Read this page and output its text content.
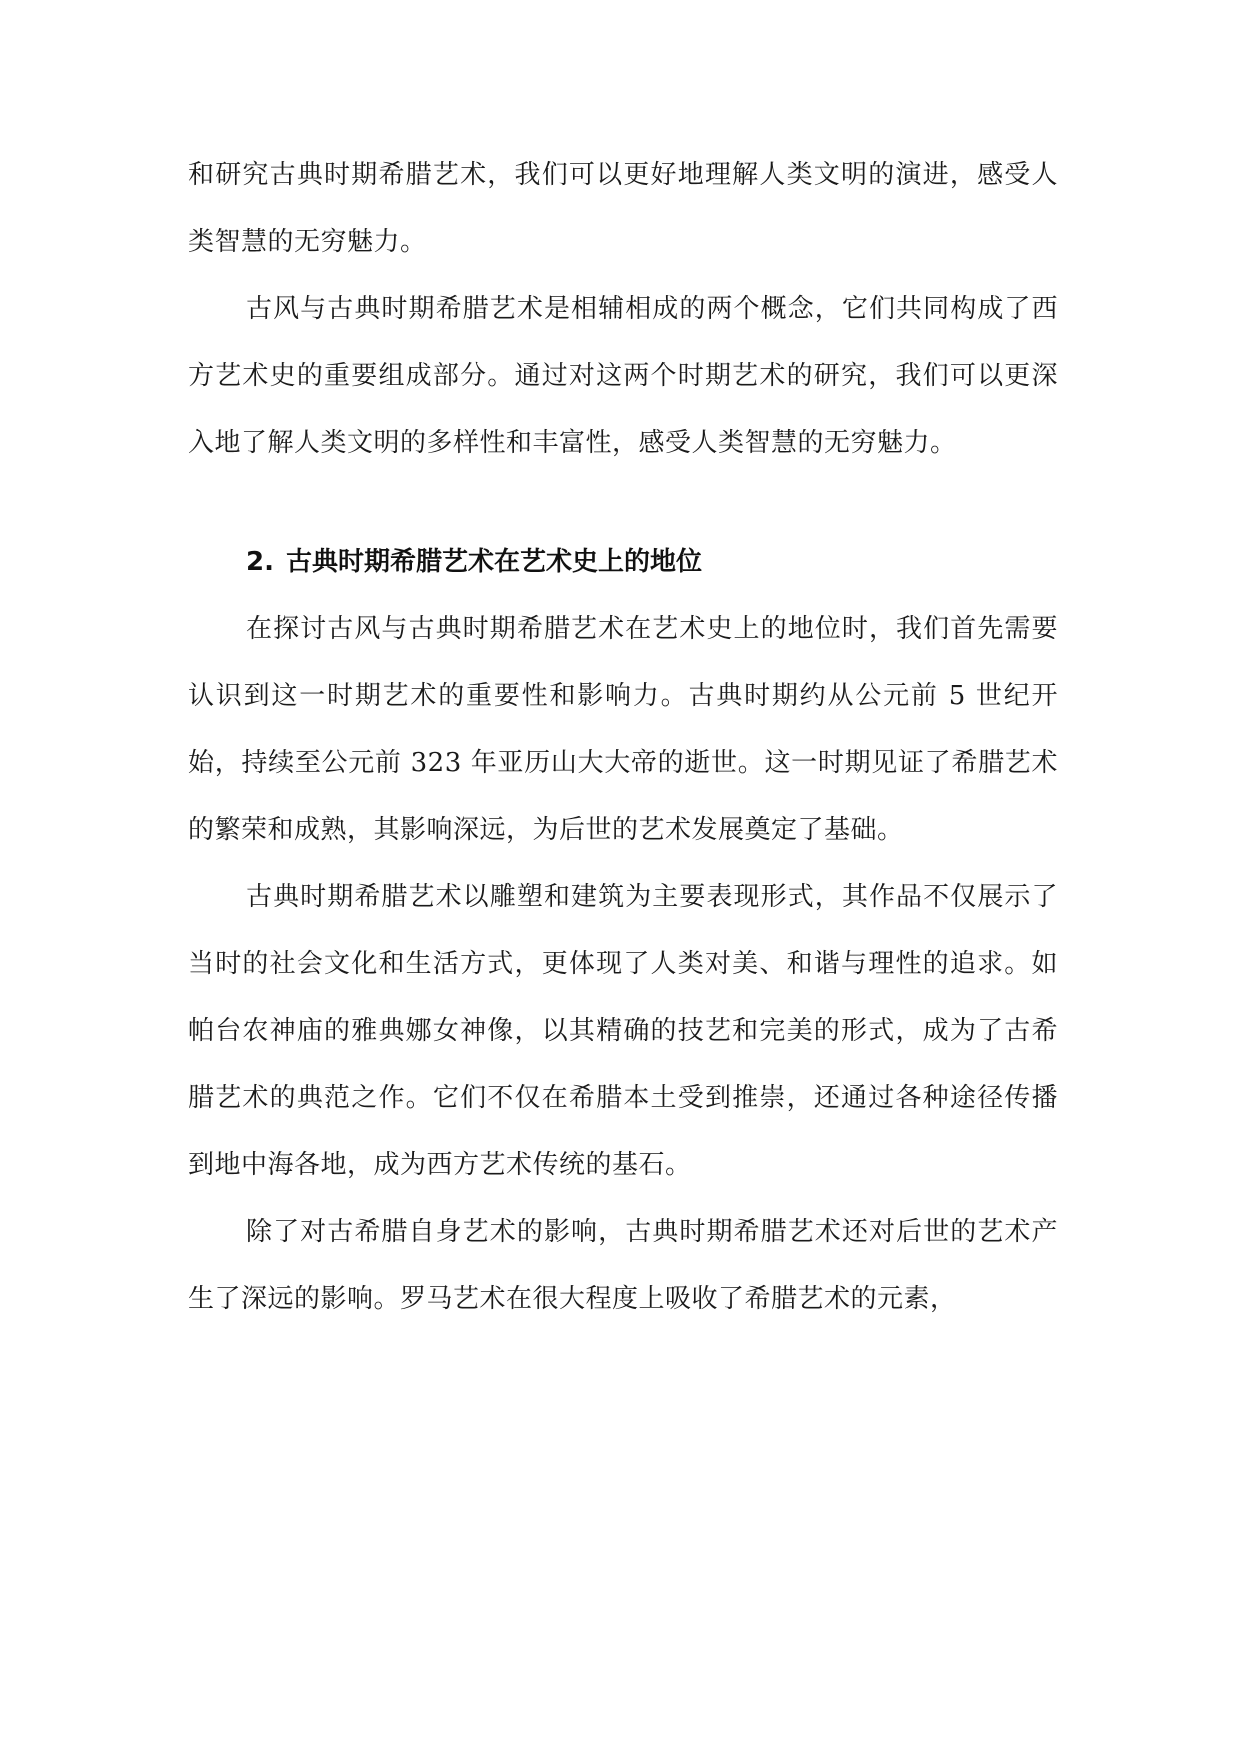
和研究古典时期希腊艺术，我们可以更好地理解人类文明的演进，感受人类智慧的无穷魅力。

古风与古典时期希腊艺术是相辅相成的两个概念，它们共同构成了西方艺术史的重要组成部分。通过对这两个时期艺术的研究，我们可以更深入地了解人类文明的多样性和丰富性，感受人类智慧的无穷魅力。

2. 古典时期希腊艺术在艺术史上的地位

在探讨古风与古典时期希腊艺术在艺术史上的地位时，我们首先需要认识到这一时期艺术的重要性和影响力。古典时期约从公元前 5 世纪开始，持续至公元前 323 年亚历山大大帝的逝世。这一时期见证了希腊艺术的繁荣和成熟，其影响深远，为后世的艺术发展奠定了基础。

古典时期希腊艺术以雕塑和建筑为主要表现形式，其作品不仅展示了当时的社会文化和生活方式，更体现了人类对美、和谐与理性的追求。如帕台农神庙的雅典娜女神像，以其精确的技艺和完美的形式，成为了古希腊艺术的典范之作。它们不仅在希腊本土受到推崇，还通过各种途径传播到地中海各地，成为西方艺术传统的基石。

除了对古希腊自身艺术的影响，古典时期希腊艺术还对后世的艺术产生了深远的影响。罗马艺术在很大程度上吸收了希腊艺术的元素，
